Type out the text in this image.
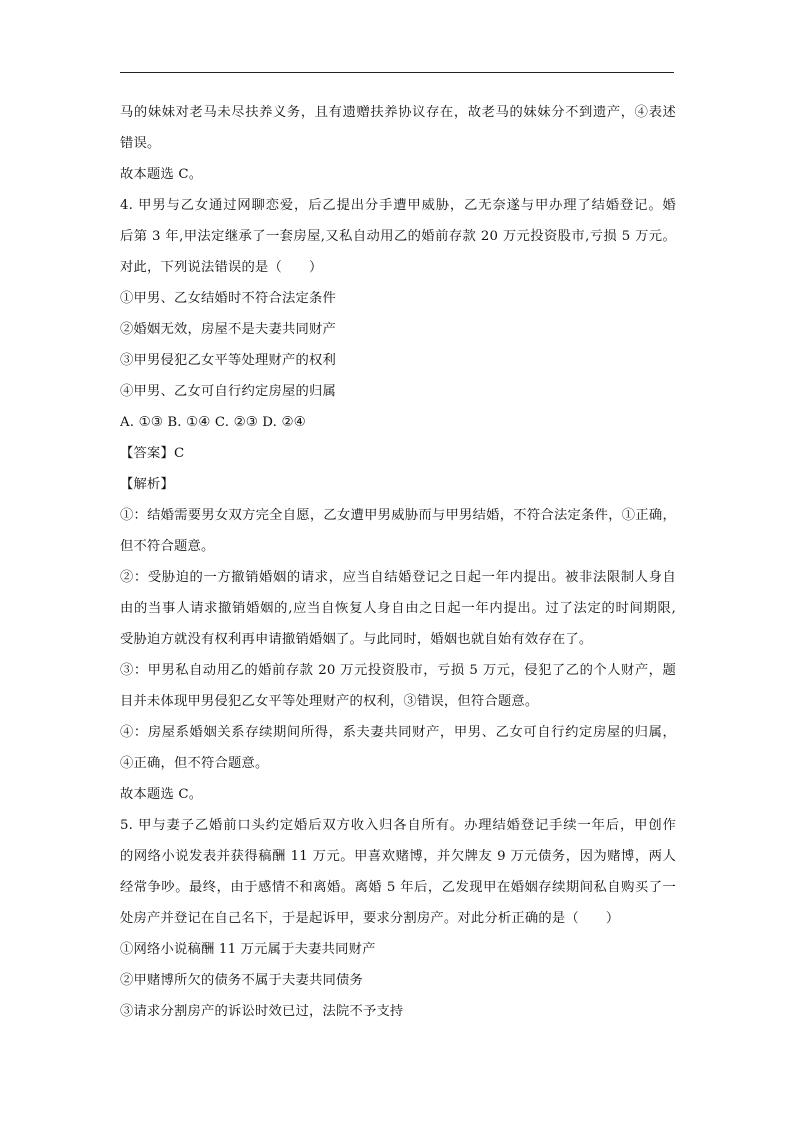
马的妹妹对老马未尽扶养义务，且有遗赠扶养协议存在，故老马的妹妹分不到遗产，④表述
错误。
故本题选 C。
4. 甲男与乙女通过网聊恋爱，后乙提出分手遭甲威胁，乙无奈遂与甲办理了结婚登记。婚
后第 3 年,甲法定继承了一套房屋,又私自动用乙的婚前存款 20 万元投资股市,亏损 5 万元。
对此，下列说法错误的是（　　）
①甲男、乙女结婚时不符合法定条件
②婚姻无效，房屋不是夫妻共同财产
③甲男侵犯乙女平等处理财产的权利
④甲男、乙女可自行约定房屋的归属
A. ①③ B. ①④ C. ②③ D. ②④
【答案】C
【解析】
①：结婚需要男女双方完全自愿，乙女遭甲男威胁而与甲男结婚，不符合法定条件，①正确，
但不符合题意。
②：受胁迫的一方撤销婚姻的请求，应当自结婚登记之日起一年内提出。被非法限制人身自
由的当事人请求撤销婚姻的,应当自恢复人身自由之日起一年内提出。过了法定的时间期限,
受胁迫方就没有权利再申请撤销婚姻了。与此同时，婚姻也就自始有效存在了。
③：甲男私自动用乙的婚前存款 20 万元投资股市，亏损 5 万元，侵犯了乙的个人财产，题
目并未体现甲男侵犯乙女平等处理财产的权利，③错误，但符合题意。
④：房屋系婚姻关系存续期间所得，系夫妻共同财产，甲男、乙女可自行约定房屋的归属，
④正确，但不符合题意。
故本题选 C。
5. 甲与妻子乙婚前口头约定婚后双方收入归各自所有。办理结婚登记手续一年后，甲创作
的网络小说发表并获得稿酬 11 万元。甲喜欢赌博，并欠牌友 9 万元债务，因为赌博，两人
经常争吵。最终，由于感情不和离婚。离婚 5 年后，乙发现甲在婚姻存续期间私自购买了一
处房产并登记在自己名下，于是起诉甲，要求分割房产。对此分析正确的是（　　）
①网络小说稿酬 11 万元属于夫妻共同财产
②甲赌博所欠的债务不属于夫妻共同债务
③请求分割房产的诉讼时效已过，法院不予支持
